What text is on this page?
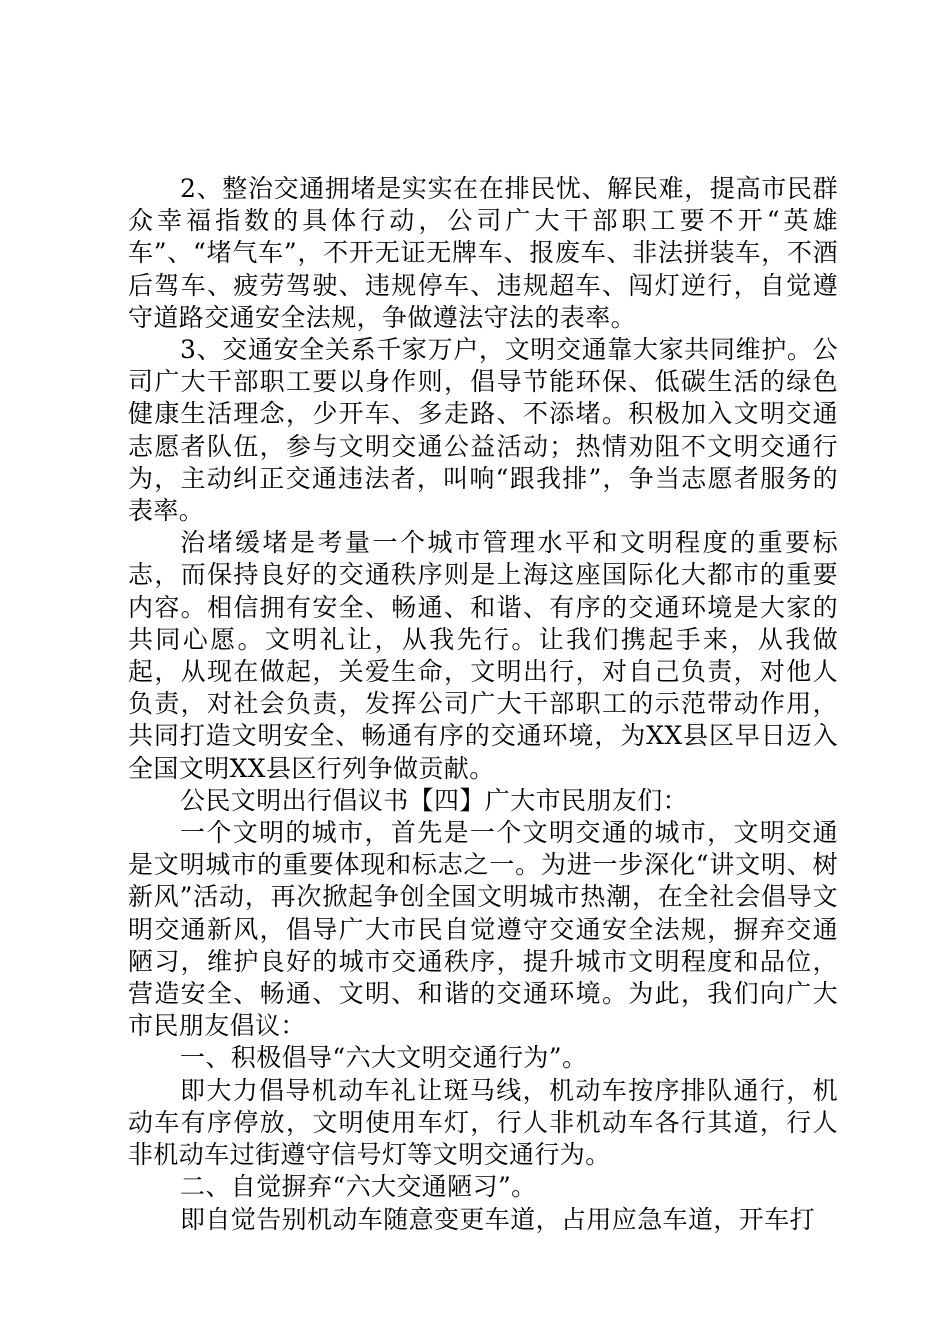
2、整治交通拥堵是实实在在排民忧、解民难，提高市民群众幸福指数的具体行动，公司广大干部职工要不开“英雄车”、“堵气车”，不开无证无牌车、报废车、非法拼装车，不酒后驾车、疲劳驾驶、违规停车、违规超车、闯灯逆行，自觉遵守道路交通安全法规，争做遵法守法的表率。

3、交通安全关系千家万户，文明交通靠大家共同维护。公司广大干部职工要以身作则，倡导节能环保、低碳生活的绿色健康生活理念，少开车、多走路、不添堵。积极加入文明交通志愿者队伍，参与文明交通公益活动；热情劝阻不文明交通行为，主动纠正交通违法者，叫响“跟我排”，争当志愿者服务的表率。

治堵缓堵是考量一个城市管理水平和文明程度的重要标志，而保持良好的交通秩序则是上海这座国际化大都市的重要内容。相信拥有安全、畅通、和谐、有序的交通环境是大家的共同心愿。文明礼让，从我先行。让我们携起手来，从我做起，从现在做起，关爱生命，文明出行，对自己负责，对他人负责，对社会负责，发挥公司广大干部职工的示范带动作用，共同打造文明安全、畅通有序的交通环境，为XX县区早日迈入全国文明XX县区行列争做贡献。

公民文明出行倡议书【四】广大市民朋友们：

一个文明的城市，首先是一个文明交通的城市，文明交通是文明城市的重要体现和标志之一。为进一步深化“讲文明、树新风”活动，再次掀起争创全国文明城市热潮，在全社会倡导文明交通新风，倡导广大市民自觉遵守交通安全法规，摒弃交通陋习，维护良好的城市交通秩序，提升城市文明程度和品位，营造安全、畅通、文明、和谐的交通环境。为此，我们向广大市民朋友倡议：

一、积极倡导“六大文明交通行为”。

即大力倡导机动车礼让斑马线，机动车按序排队通行，机动车有序停放，文明使用车灯，行人非机动车各行其道，行人非机动车过街遵守信号灯等文明交通行为。

二、自觉摒弃“六大交通陋习”。

即自觉告别机动车随意变更车道，占用应急车道，开车打
